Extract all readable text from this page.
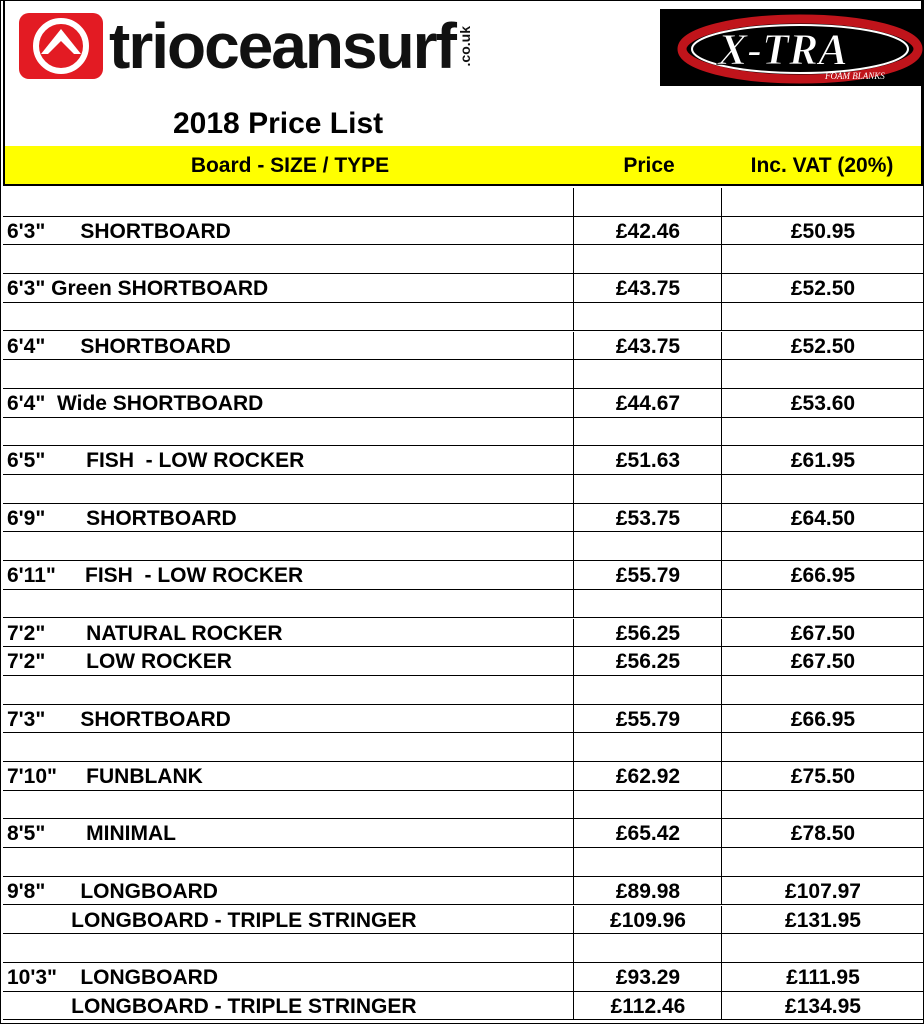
trioceansurf .co.uk	X-TRA
FOAM BLANKS
2018 Price List
Board - SIZE / TYPE	Price	Inc. VAT (20%)
6'3"      SHORTBOARD	£42.46	£50.95
6'3" Green SHORTBOARD	£43.75	£52.50
6'4"      SHORTBOARD	£43.75	£52.50
6'4"  Wide SHORTBOARD	£44.67	£53.60
6'5"       FISH  - LOW ROCKER	£51.63	£61.95
6'9"       SHORTBOARD	£53.75	£64.50
6'11"     FISH  - LOW ROCKER	£55.79	£66.95
7'2"       NATURAL ROCKER	£56.25	£67.50
7'2"       LOW ROCKER	£56.25	£67.50
7'3"      SHORTBOARD	£55.79	£66.95
7'10"     FUNBLANK	£62.92	£75.50
8'5"       MINIMAL	£65.42	£78.50
9'8"      LONGBOARD	£89.98	£107.97
LONGBOARD - TRIPLE STRINGER	£109.96	£131.95
10'3"    LONGBOARD	£93.29	£111.95
LONGBOARD - TRIPLE STRINGER	£112.46	£134.95
